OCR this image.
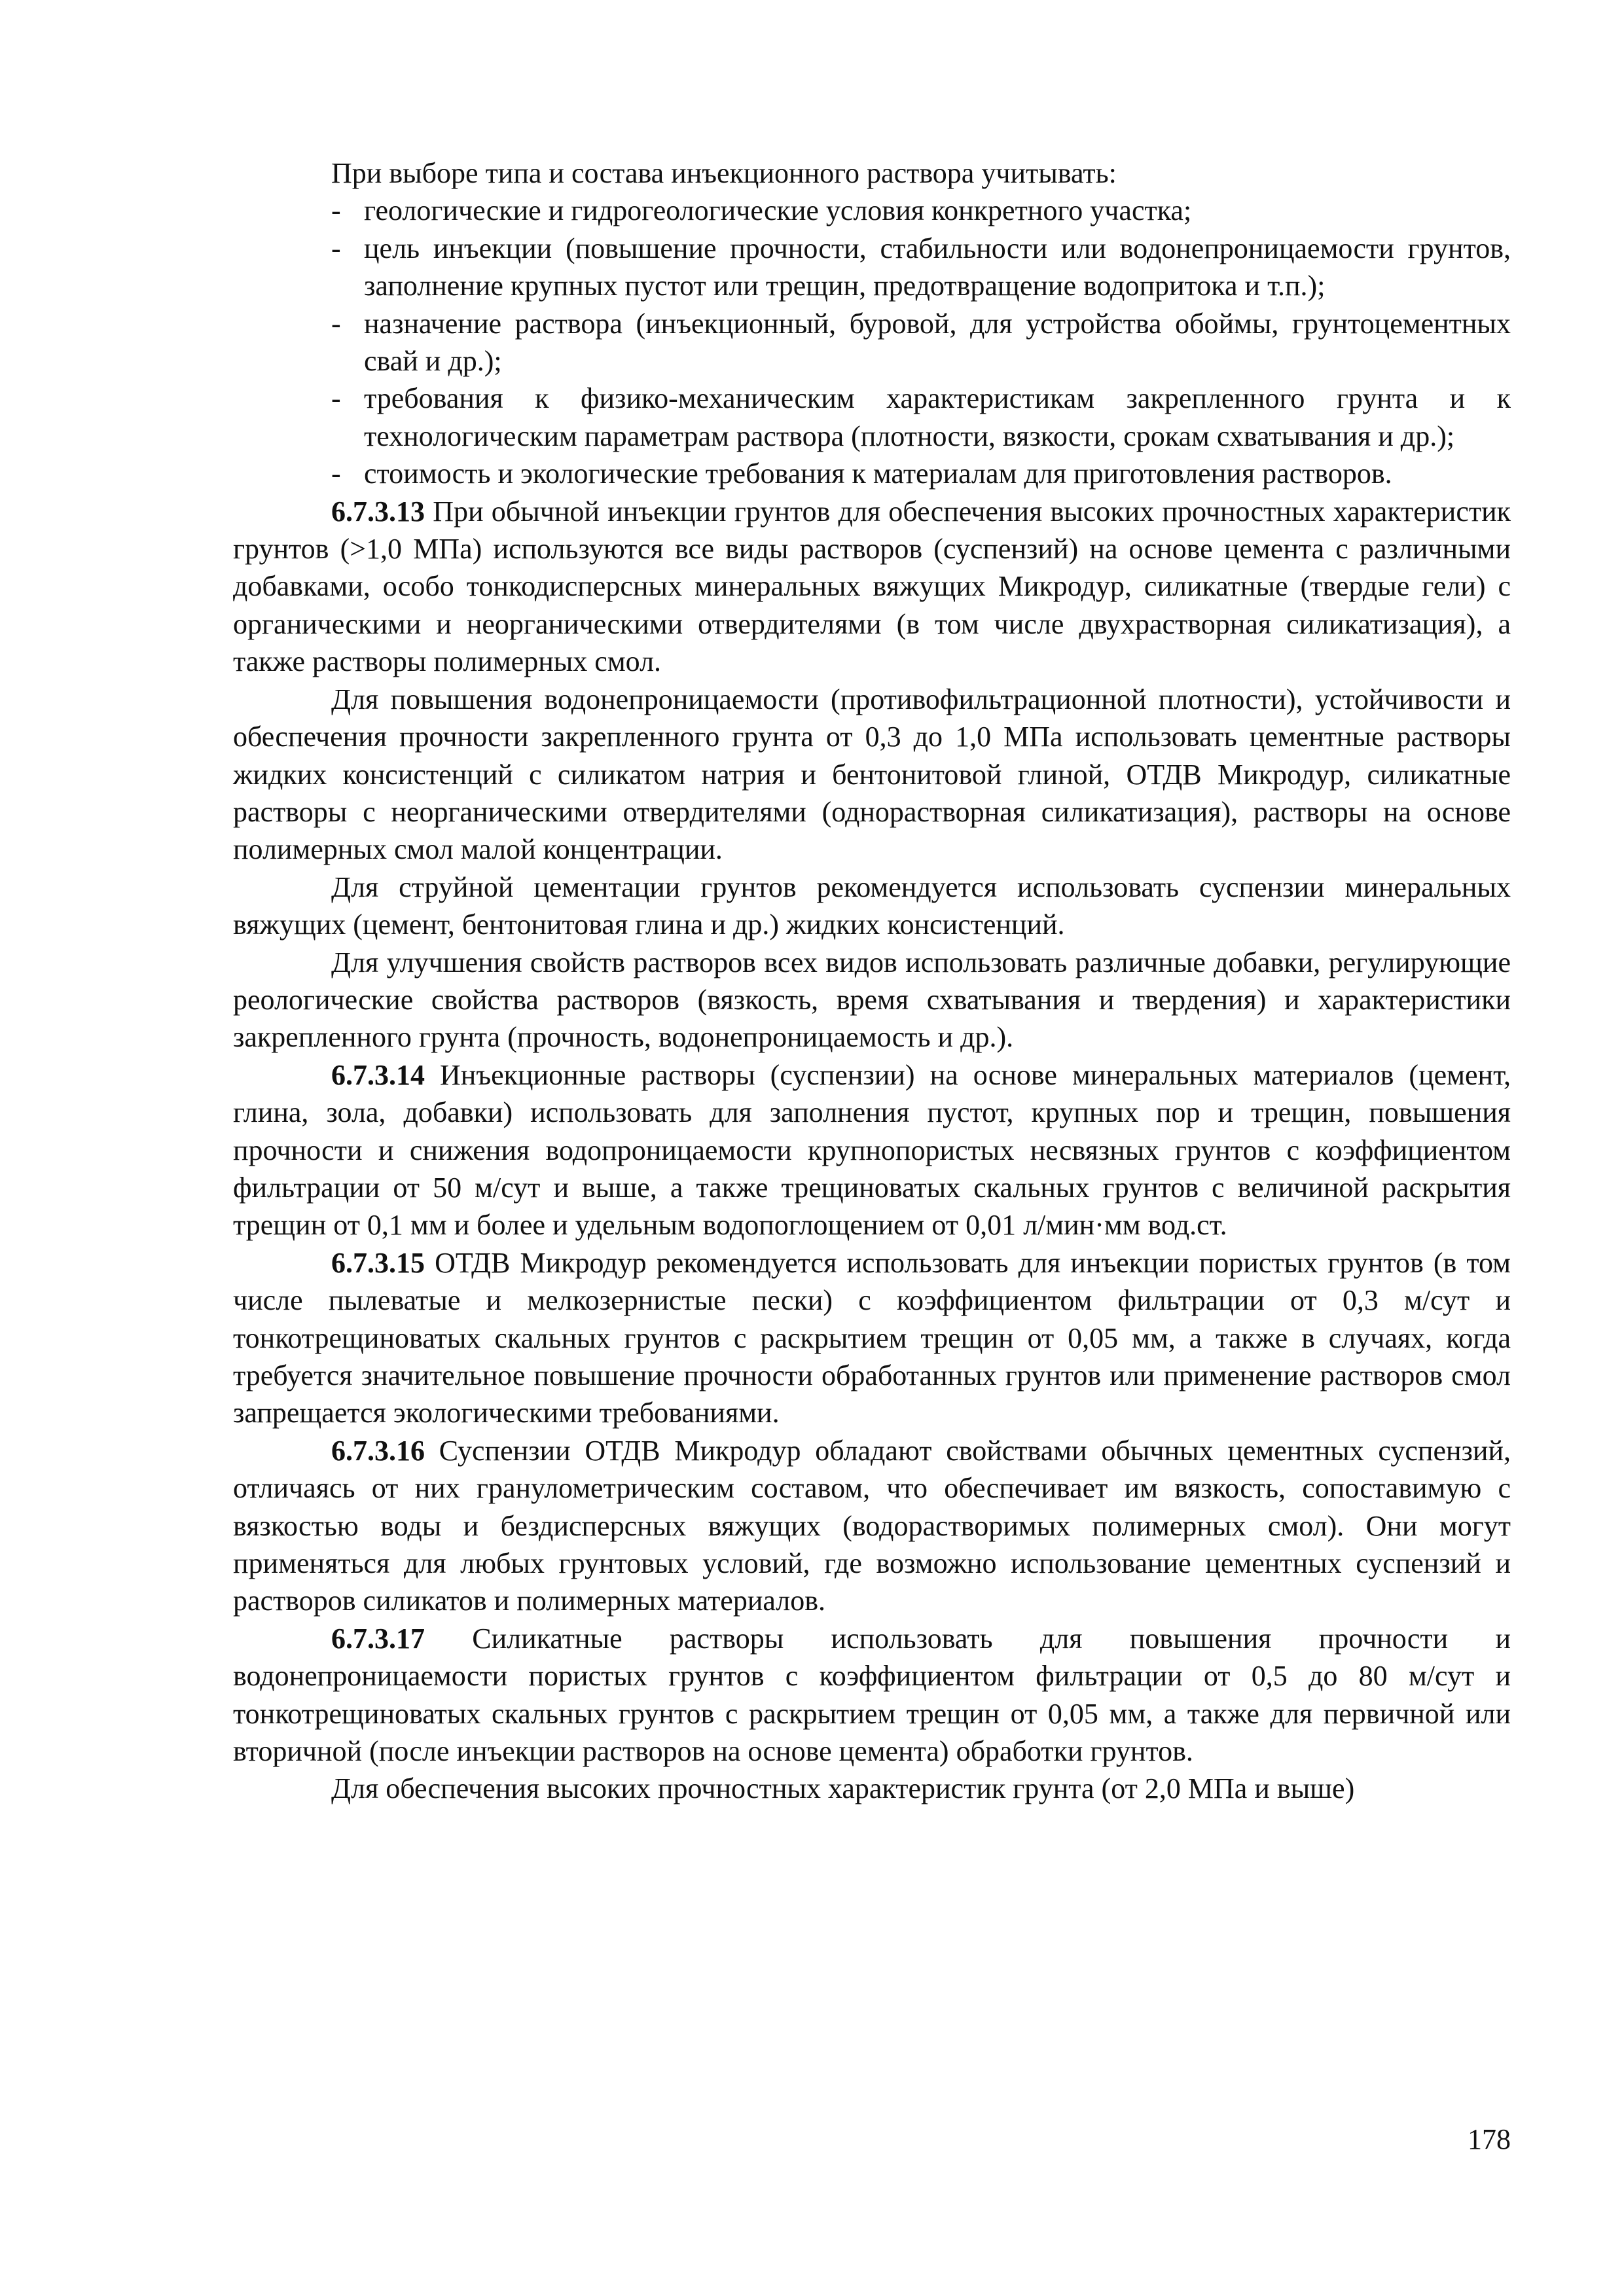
При выборе типа и состава инъекционного раствора учитывать:

- геологические и гидрогеологические условия конкретного участка;
- цель инъекции (повышение прочности, стабильности или водонепроницаемости грунтов, заполнение крупных пустот или трещин, предотвращение водопритока и т.п.);
- назначение раствора (инъекционный, буровой, для устройства обоймы, грунтоцементных свай и др.);
- требования к физико-механическим характеристикам закрепленного грунта и к технологическим параметрам раствора (плотности, вязкости, срокам схватывания и др.);
- стоимость и экологические требования к материалам для приготовления растворов.

6.7.3.13 При обычной инъекции грунтов для обеспечения высоких прочностных характеристик грунтов (>1,0 МПа) используются все виды растворов (суспензий) на основе цемента с различными добавками, особо тонкодисперсных минеральных вяжущих Микродур, силикатные (твердые гели) с органическими и неорганическими отвердителями (в том числе двухрастворная силикатизация), а также растворы полимерных смол.

Для повышения водонепроницаемости (противофильтрационной плотности), устойчивости и обеспечения прочности закрепленного грунта от 0,3 до 1,0 МПа использовать цементные растворы жидких консистенций с силикатом натрия и бентонитовой глиной, ОТДВ Микродур, силикатные растворы с неорганическими отвердителями (однорастворная силикатизация), растворы на основе полимерных смол малой концентрации.

Для струйной цементации грунтов рекомендуется использовать суспензии минеральных вяжущих (цемент, бентонитовая глина и др.) жидких консистенций.

Для улучшения свойств растворов всех видов использовать различные добавки, регулирующие реологические свойства растворов (вязкость, время схватывания и твердения) и характеристики закрепленного грунта (прочность, водонепроницаемость и др.).

6.7.3.14 Инъекционные растворы (суспензии) на основе минеральных материалов (цемент, глина, зола, добавки) использовать для заполнения пустот, крупных пор и трещин, повышения прочности и снижения водопроницаемости крупнопористых несвязных грунтов с коэффициентом фильтрации от 50 м/сут и выше, а также трещиноватых скальных грунтов с величиной раскрытия трещин от 0,1 мм и более и удельным водопоглощением от 0,01 л/мин·мм вод.ст.

6.7.3.15 ОТДВ Микродур рекомендуется использовать для инъекции пористых грунтов (в том числе пылеватые и мелкозернистые пески) с коэффициентом фильтрации от 0,3 м/сут и тонкотрещиноватых скальных грунтов с раскрытием трещин от 0,05 мм, а также в случаях, когда требуется значительное повышение прочности обработанных грунтов или применение растворов смол запрещается экологическими требованиями.

6.7.3.16 Суспензии ОТДВ Микродур обладают свойствами обычных цементных суспензий, отличаясь от них гранулометрическим составом, что обеспечивает им вязкость, сопоставимую с вязкостью воды и бездисперсных вяжущих (водорастворимых полимерных смол). Они могут применяться для любых грунтовых условий, где возможно использование цементных суспензий и растворов силикатов и полимерных материалов.

6.7.3.17 Силикатные растворы использовать для повышения прочности и водонепроницаемости пористых грунтов с коэффициентом фильтрации от 0,5 до 80 м/сут и тонкотрещиноватых скальных грунтов с раскрытием трещин от 0,05 мм, а также для первичной или вторичной (после инъекции растворов на основе цемента) обработки грунтов.

Для обеспечения высоких прочностных характеристик грунта (от 2,0 МПа и выше)

178
